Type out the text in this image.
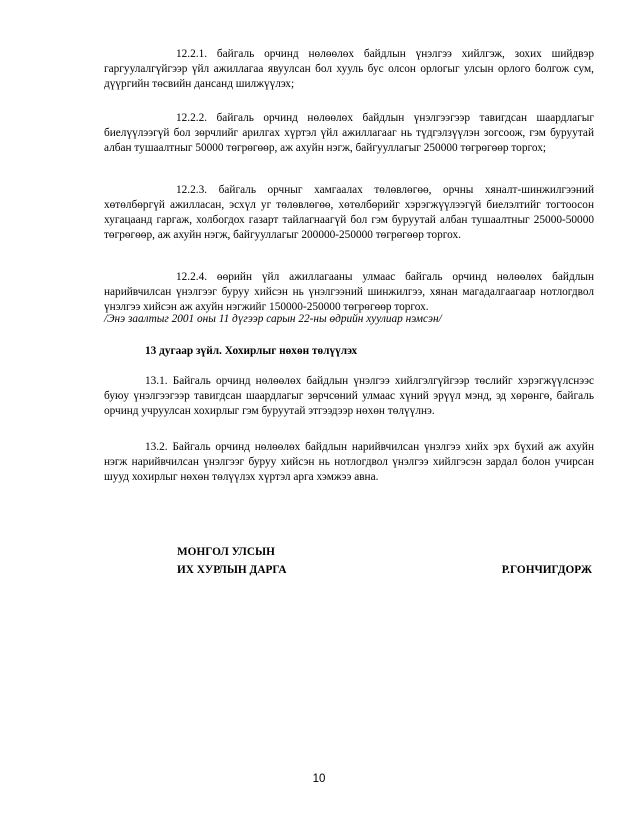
12.2.1. байгаль орчинд нөлөөлөх байдлын үнэлгээ хийлгэж, зохих шийдвэр гаргуулалгүйгээр үйл ажиллагаа явуулсан бол хууль бус олсон орлогыг улсын орлого болгож сум, дүүргийн төсвийн дансанд шилжүүлэх;

12.2.2. байгаль орчинд нөлөөлөх байдлын үнэлгээгээр тавигдсан шаардлагыг биелүүлээгүй бол зөрчлийг арилгах хүртэл үйл ажиллагааг нь түдгэлзүүлэн зогсоож, гэм буруутай албан тушаалтныг 50000 төгрөгөөр, аж ахуйн нэгж, байгууллагыг 250000 төгрөгөөр торгох;

12.2.3. байгаль орчныг хамгаалах төлөвлөгөө, орчны хяналт-шинжилгээний хөтөлбөргүй ажилласан, эсхүл уг төлөвлөгөө, хөтөлбөрийг хэрэгжүүлээгүй биелэлтийг тогтоосон хугацаанд гаргаж, холбогдох газарт тайлагнаагүй бол гэм буруутай албан тушаалтныг 25000-50000 төгрөгөөр, аж ахуйн нэгж, байгууллагыг 200000-250000 төгрөгөөр торгох.

12.2.4. өөрийн үйл ажиллагааны улмаас байгаль орчинд нөлөөлөх байдлын нарийвчилсан үнэлгээг буруу хийсэн нь үнэлгээний шинжилгээ, хянан магадалгаагаар нотлогдвол үнэлгээ хийсэн аж ахуйн нэгжийг 150000-250000 төгрөгөөр торгох.

/Энэ заалтыг 2001 оны 11 дүгээр сарын 22-ны өдрийн хуулиар нэмсэн/

13 дугаар зүйл. Хохирлыг нөхөн төлүүлэх

13.1. Байгаль орчинд нөлөөлөх байдлын үнэлгээ хийлгэлгүйгээр төслийг хэрэгжүүлснээс буюу үнэлгээгээр тавигдсан шаардлагыг зөрчсөний улмаас хүний эрүүл мэнд, эд хөрөнгө, байгаль орчинд учруулсан хохирлыг гэм буруутай этгээдээр нөхөн төлүүлнэ.

13.2. Байгаль орчинд нөлөөлөх байдлын нарийвчилсан үнэлгээ хийх эрх бүхий аж ахуйн нэгж нарийвчилсан үнэлгээг буруу хийсэн нь нотлогдвол үнэлгээ хийлгэсэн зардал болон учирсан шууд хохирлыг нөхөн төлүүлэх хүртэл арга хэмжээ авна.

МОНГОЛ УЛСЫН
ИХ ХУРЛЫН ДАРГА	Р.ГОНЧИГДОРЖ
10
